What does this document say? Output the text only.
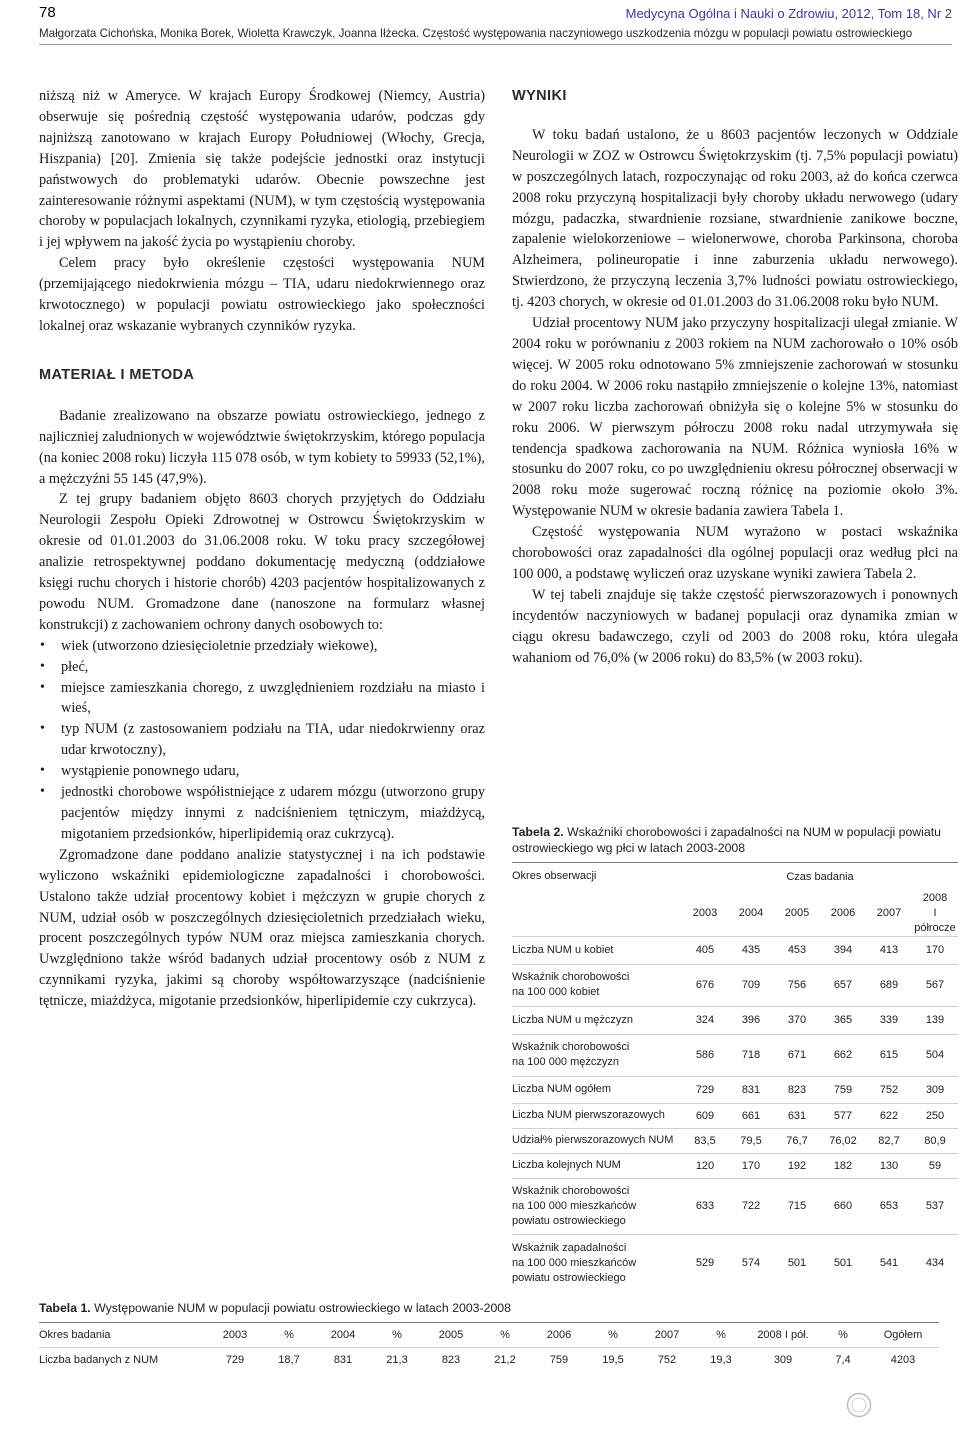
78	Medycyna Ogólna i Nauki o Zdrowiu, 2012, Tom 18, Nr 2
Małgorzata Cichońska, Monika Borek, Wioletta Krawczyk, Joanna Iłżecka. Częstość występowania naczyniowego uszkodzenia mózgu w populacji powiatu ostrowieckiego

niższą niż w Ameryce. W krajach Europy Środkowej (Niemcy, Austria) obserwuje się pośrednią częstość występowania udarów, podczas gdy najniższą zanotowano w krajach Europy Południowej (Włochy, Grecja, Hiszpania) [20]. Zmienia się także podejście jednostki oraz instytucji państwowych do problematyki udarów. Obecnie powszechne jest zainteresowanie różnymi aspektami (NUM), w tym częstością występowania choroby w populacjach lokalnych, czynnikami ryzyka, etiologią, przebiegiem i jej wpływem na jakość życia po wystąpieniu choroby.

Celem pracy było określenie częstości występowania NUM (przemijającego niedokrwienia mózgu – TIA, udaru niedokrwiennego oraz krwotocznego) w populacji powiatu ostrowieckiego jako społeczności lokalnej oraz wskazanie wybranych czynników ryzyka.

MATERIAŁ I METODA

Badanie zrealizowano na obszarze powiatu ostrowieckiego, jednego z najliczniej zaludnionych w województwie świętokrzyskim, którego populacja (na koniec 2008 roku) liczyła 115 078 osób, w tym kobiety to 59933 (52,1%), a mężczyźni 55 145 (47,9%).

Z tej grupy badaniem objęto 8603 chorych przyjętych do Oddziału Neurologii Zespołu Opieki Zdrowotnej w Ostrowcu Świętokrzyskim w okresie od 01.01.2003 do 31.06.2008 roku. W toku pracy szczegółowej analizie retrospektywnej poddano dokumentację medyczną (oddziałowe księgi ruchu chorych i historie chorób) 4203 pacjentów hospitalizowanych z powodu NUM. Gromadzone dane (nanoszone na formularz własnej konstrukcji) z zachowaniem ochrony danych osobowych to:

• wiek (utworzono dziesięcioletnie przedziały wiekowe),
• płeć,
• miejsce zamieszkania chorego, z uwzględnieniem rozdziału na miasto i wieś,
• typ NUM (z zastosowaniem podziału na TIA, udar niedokrwienny oraz udar krwotoczny),
• wystąpienie ponownego udaru,
• jednostki chorobowe współistniejące z udarem mózgu (utworzono grupy pacjentów między innymi z nadciśnieniem tętniczym, miażdżycą, migotaniem przedsionków, hiperlipidemią oraz cukrzycą).

Zgromadzone dane poddano analizie statystycznej i na ich podstawie wyliczono wskaźniki epidemiologiczne zapadalności i chorobowości. Ustalono także udział procentowy kobiet i mężczyzn w grupie chorych z NUM, udział osób w poszczególnych dziesięcioletnich przedziałach wieku, procent poszczególnych typów NUM oraz miejsca zamieszkania chorych. Uwzględniono także wśród badanych udział procentowy osób z NUM z czynnikami ryzyka, jakimi są choroby współtowarzyszące (nadciśnienie tętnicze, miażdżyca, migotanie przedsionków, hiperlipidemie czy cukrzyca).

WYNIKI

W toku badań ustalono, że u 8603 pacjentów leczonych w Oddziale Neurologii w ZOZ w Ostrowcu Świętokrzyskim (tj. 7,5% populacji powiatu) w poszczególnych latach, rozpoczynając od roku 2003, aż do końca czerwca 2008 roku przyczyną hospitalizacji były choroby układu nerwowego (udary mózgu, padaczka, stwardnienie rozsiane, stwardnienie zanikowe boczne, zapalenie wielokorzeniowe – wielonerwowe, choroba Parkinsona, choroba Alzheimera, polineuropatie i inne zaburzenia układu nerwowego). Stwierdzono, że przyczyną leczenia 3,7% ludności powiatu ostrowieckiego, tj. 4203 chorych, w okresie od 01.01.2003 do 31.06.2008 roku było NUM.

Udział procentowy NUM jako przyczyny hospitalizacji ulegał zmianie. W 2004 roku w porównaniu z 2003 rokiem na NUM zachorowało o 10% osób więcej. W 2005 roku odnotowano 5% zmniejszenie zachorowań w stosunku do roku 2004. W 2006 roku nastąpiło zmniejszenie o kolejne 13%, natomiast w 2007 roku liczba zachorowań obniżyła się o kolejne 5% w stosunku do roku 2006. W pierwszym półroczu 2008 roku nadal utrzymywała się tendencja spadkowa zachorowania na NUM. Różnica wyniosła 16% w stosunku do 2007 roku, co po uwzględnieniu okresu półrocznej obserwacji w 2008 roku może sugerować roczną różnicę na poziomie około 3%. Występowanie NUM w okresie badania zawiera Tabela 1.

Częstość występowania NUM wyrażono w postaci wskaźnika chorobowości oraz zapadalności dla ogólnej populacji oraz według płci na 100 000, a podstawę wyliczeń oraz uzyskane wyniki zawiera Tabela 2.

W tej tabeli znajduje się także częstość pierwszorazowych i ponownych incydentów naczyniowych w badanej populacji oraz dynamika zmian w ciągu okresu badawczego, czyli od 2003 do 2008 roku, która ulegała wahaniom od 76,0% (w 2006 roku) do 83,5% (w 2003 roku).

Tabela 2. Wskaźniki chorobowości i zapadalności na NUM w populacji powiatu ostrowieckiego wg płci w latach 2003-2008
Okres obserwacji	Czas badania					
	2003	2004	2005	2006	2007	2008
I półrocze
Liczba NUM u kobiet	405	435	453	394	413	170
Wskaźnik chorobowości
na 100 000 kobiet	676	709	756	657	689	567
Liczba NUM u mężczyzn	324	396	370	365	339	139
Wskaźnik chorobowości
na 100 000 mężczyzn	586	718	671	662	615	504
Liczba NUM ogółem	729	831	823	759	752	309
Liczba NUM pierwszorazowych	609	661	631	577	622	250
Udział% pierwszorazowych NUM	83,5	79,5	76,7	76,02	82,7	80,9
Liczba kolejnych NUM	120	170	192	182	130	59
Wskaźnik chorobowości
na 100 000 mieszkańców
powiatu ostrowieckiego	633	722	715	660	653	537
Wskaźnik zapadalności
na 100 000 mieszkańców
powiatu ostrowieckiego	529	574	501	501	541	434
Tabela 1. Występowanie NUM w populacji powiatu ostrowieckiego w latach 2003-2008
Okres badania	2003	%	2004	%	2005	%	2006	%	2007	%	2008 I pół.	%	Ogółem
Liczba badanych z NUM	729	18,7	831	21,3	823	21,2	759	19,5	752	19,3	309	7,4	4203
